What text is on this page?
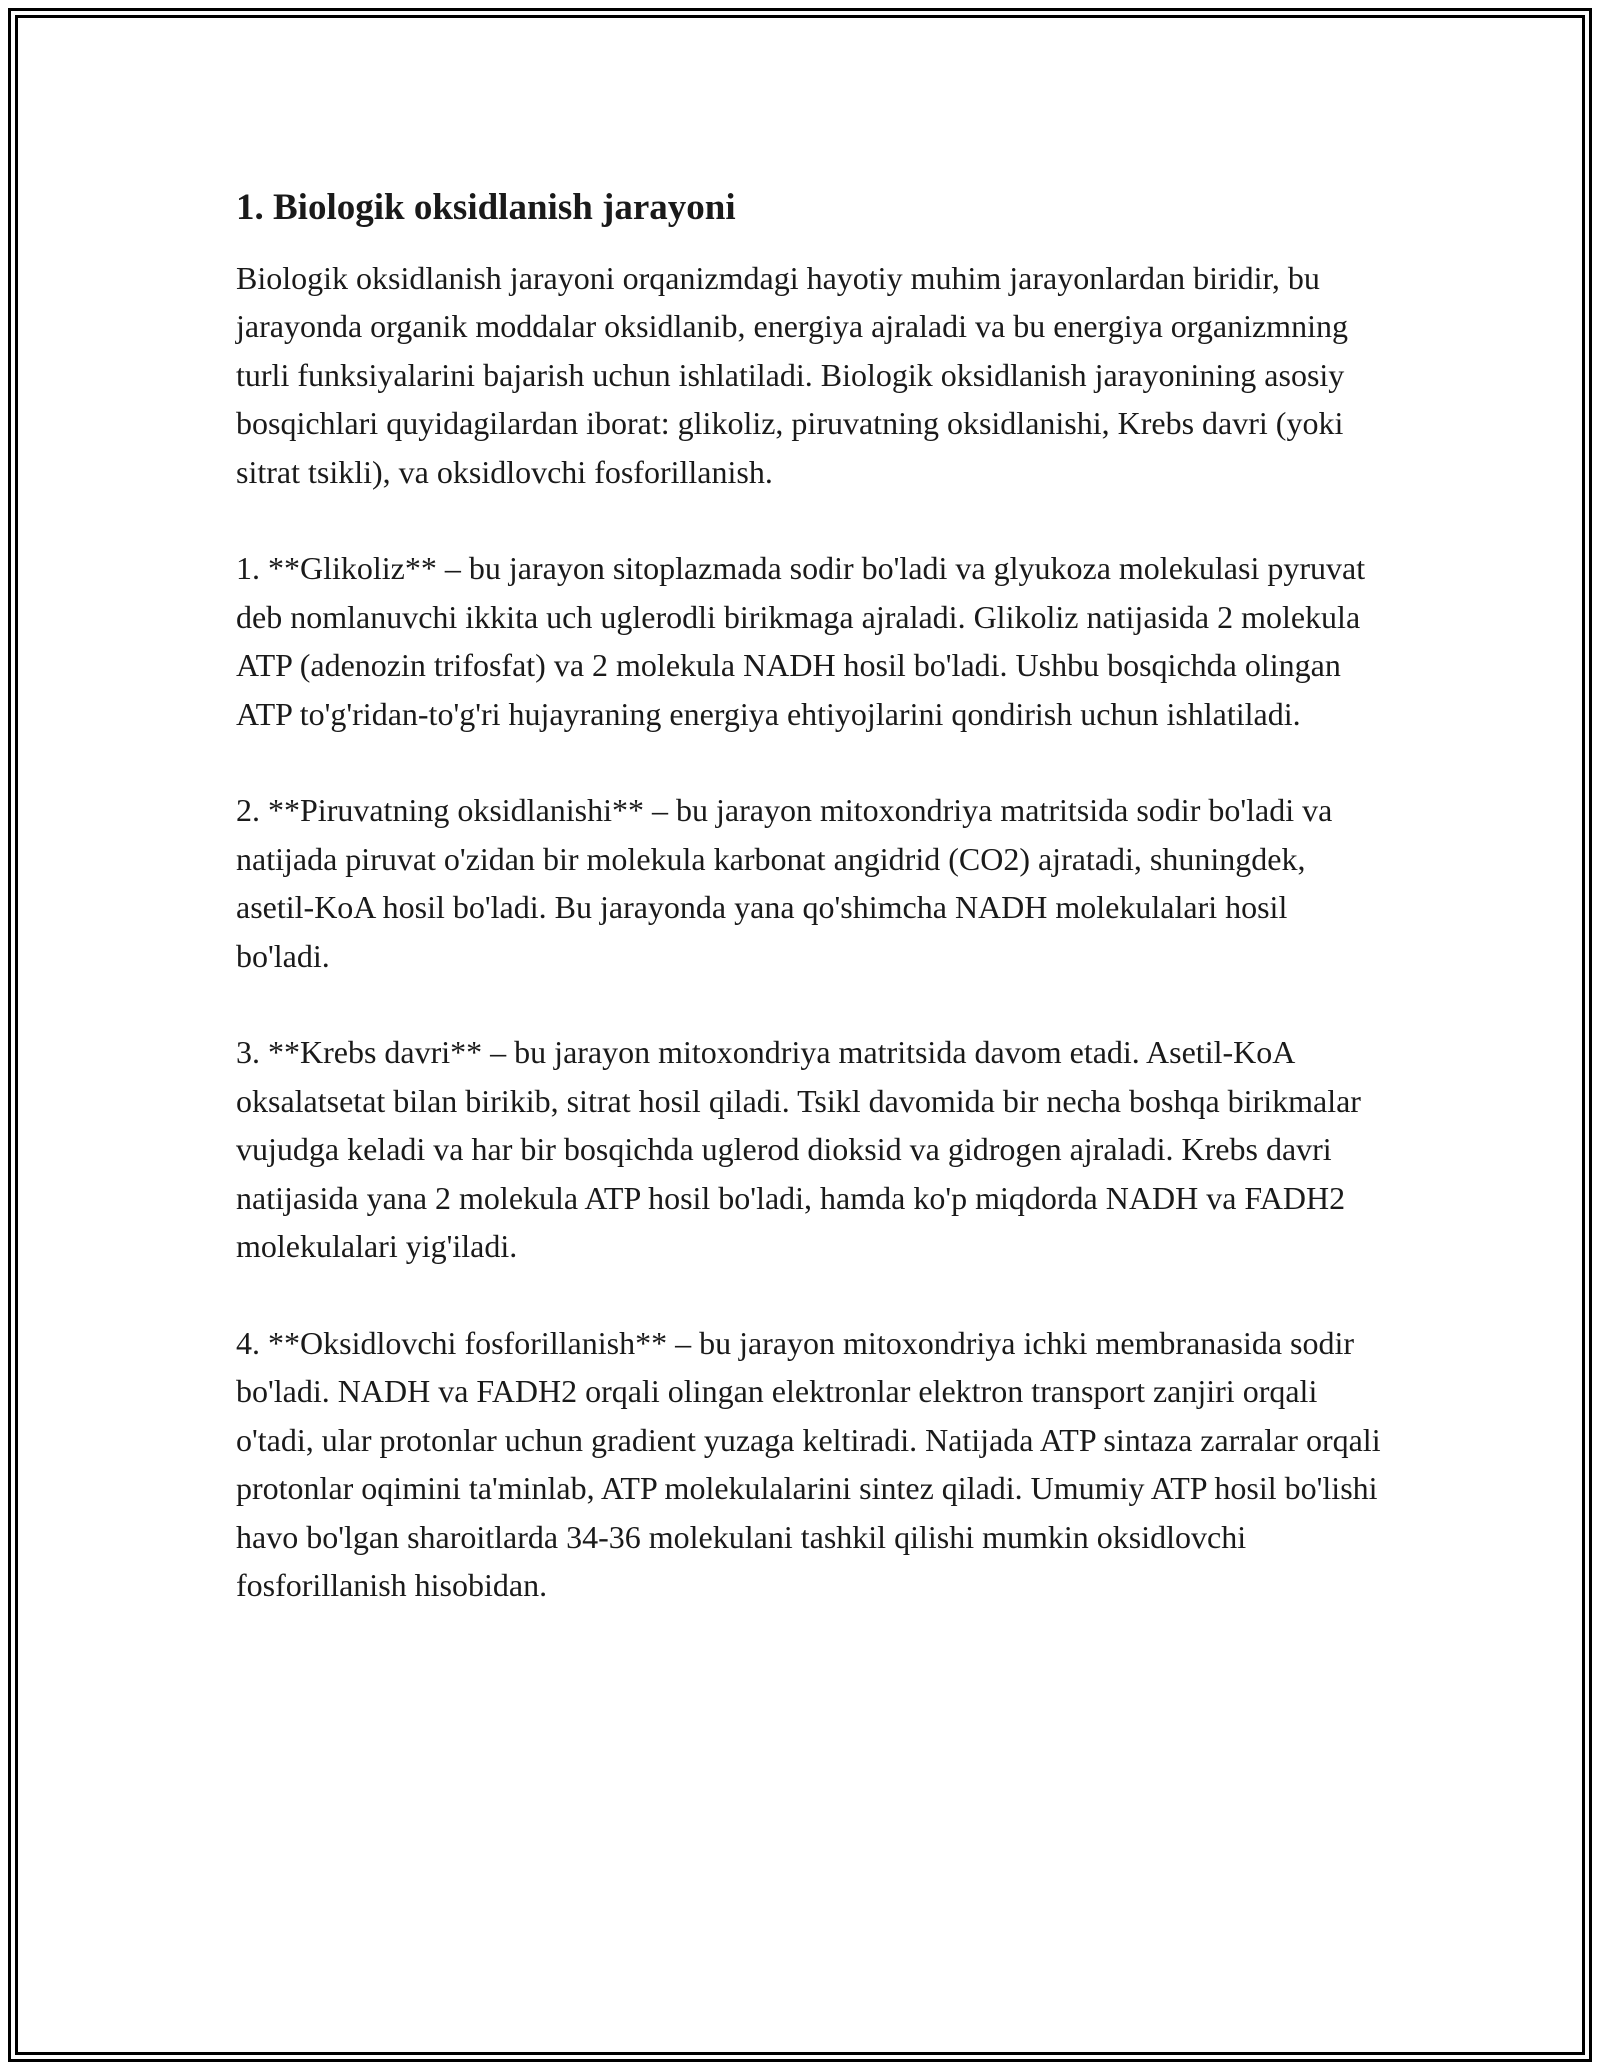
1. Biologik oksidlanish jarayoni

Biologik oksidlanish jarayoni orqanizmdagi hayotiy muhim jarayonlardan biridir, bu jarayonda organik moddalar oksidlanib, energiya ajraladi va bu energiya organizmning turli funksiyalarini bajarish uchun ishlatiladi. Biologik oksidlanish jarayonining asosiy bosqichlari quyidagilardan iborat: glikoliz, piruvatning oksidlanishi, Krebs davri (yoki sitrat tsikli), va oksidlovchi fosforillanish.

1. **Glikoliz** – bu jarayon sitoplazmada sodir bo'ladi va glyukoza molekulasi pyruvat deb nomlanuvchi ikkita uch uglerodli birikmaga ajraladi. Glikoliz natijasida 2 molekula ATP (adenozin trifosfat) va 2 molekula NADH hosil bo'ladi. Ushbu bosqichda olingan ATP to'g'ridan-to'g'ri hujayraning energiya ehtiyojlarini qondirish uchun ishlatiladi.

2. **Piruvatning oksidlanishi** – bu jarayon mitoxondriya matritsida sodir bo'ladi va natijada piruvat o'zidan bir molekula karbonat angidrid (CO2) ajratadi, shuningdek, asetil-KoA hosil bo'ladi. Bu jarayonda yana qo'shimcha NADH molekulalari hosil bo'ladi.

3. **Krebs davri** – bu jarayon mitoxondriya matritsida davom etadi. Asetil-KoA oksalatsetat bilan birikib, sitrat hosil qiladi. Tsikl davomida bir necha boshqa birikmalar vujudga keladi va har bir bosqichda uglerod dioksid va gidrogen ajraladi. Krebs davri natijasida yana 2 molekula ATP hosil bo'ladi, hamda ko'p miqdorda NADH va FADH2 molekulalari yig'iladi.

4. **Oksidlovchi fosforillanish** – bu jarayon mitoxondriya ichki membranasida sodir bo'ladi. NADH va FADH2 orqali olingan elektronlar elektron transport zanjiri orqali o'tadi, ular protonlar uchun gradient yuzaga keltiradi. Natijada ATP sintaza zarralar orqali protonlar oqimini ta'minlab, ATP molekulalarini sintez qiladi. Umumiy ATP hosil bo'lishi havo bo'lgan sharoitlarda 34-36 molekulani tashkil qilishi mumkin oksidlovchi fosforillanish hisobidan.
